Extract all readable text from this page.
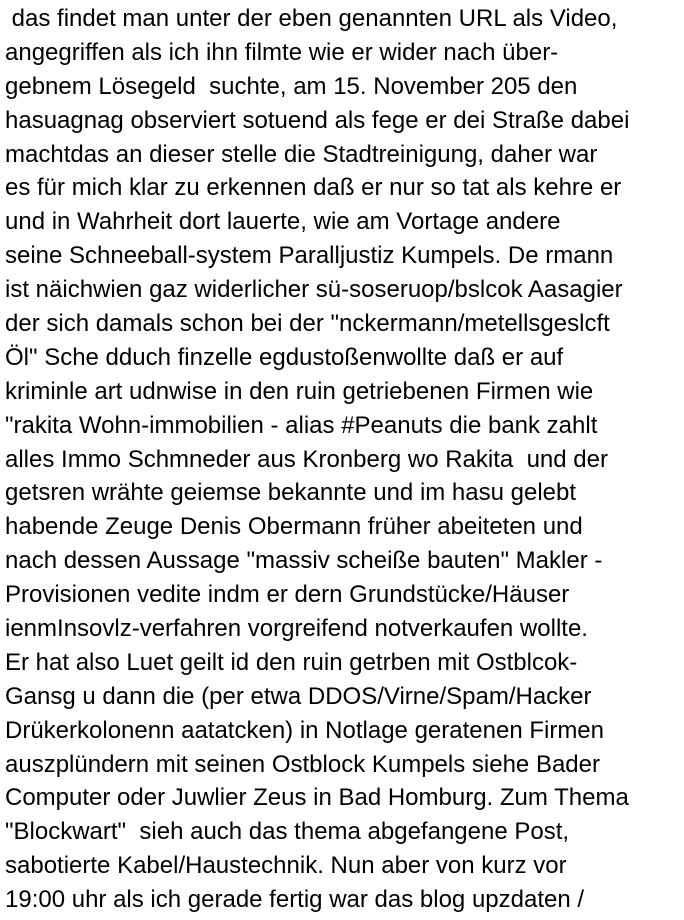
das findet man unter der eben genannten URL als Video,
angegriffen als ich ihn filmte wie er wider nach über-
gebnem Lösegeld  suchte, am 15. November 205 den
hasuagnag observiert sotuend als fege er dei Straße dabei
machtdas an dieser stelle die Stadtreinigung, daher war
es für mich klar zu erkennen daß er nur so tat als kehre er
und in Wahrheit dort lauerte, wie am Vortage andere
seine Schneeball-system Paralljustiz Kumpels. De rmann
ist näichwien gaz widerlicher sü-soseruop/bslcok Aasagier
der sich damals schon bei der "nckermann/metellsgeslcft
Öl" Sche dduch finzelle egdustoßenwollte daß er auf
kriminle art udnwise in den ruin getriebenen Firmen wie
"rakita Wohn-immobilien - alias #Peanuts die bank zahlt
alles Immo Schmneder aus Kronberg wo Rakita  und der
getsren wrähte geiemse bekannte und im hasu gelebt
habende Zeuge Denis Obermann früher abeiteten und
nach dessen Aussage "massiv scheiße bauten" Makler -
Provisionen vedite indm er dern Grundstücke/Häuser
ienmInsovlz-verfahren vorgreifend notverkaufen wollte.
Er hat also Luet geilt id den ruin getrben mit Ostblcok-
Gansg u dann die (per etwa DDOS/Virne/Spam/Hacker
Drükerkolonenn aatatcken) in Notlage geratenen Firmen
auszplündern mit seinen Ostblock Kumpels siehe Bader
Computer oder Juwlier Zeus in Bad Homburg. Zum Thema
"Blockwart"  sieh auch das thema abgefangene Post,
sabotierte Kabel/Haustechnik. Nun aber von kurz vor
19:00 uhr als ich gerade fertig war das blog upzdaten /
